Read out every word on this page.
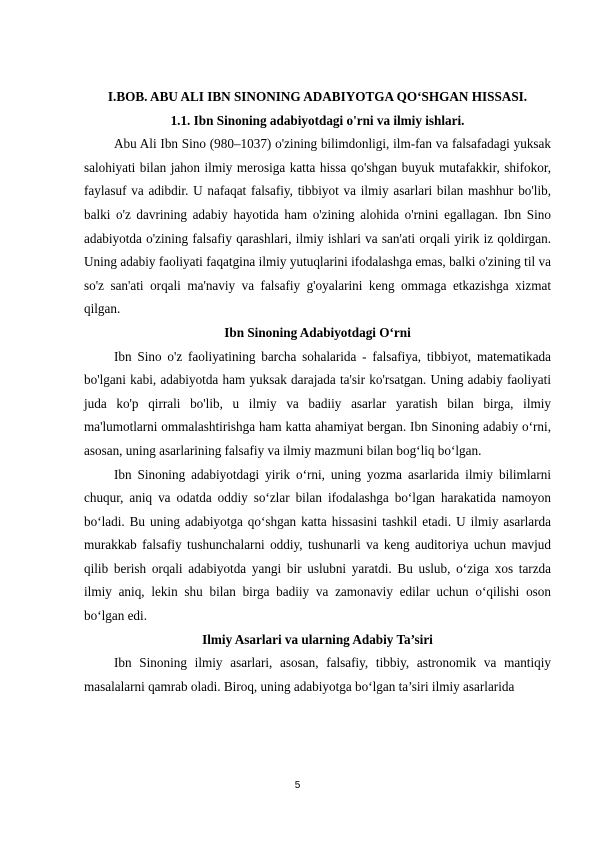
I.BOB. ABU ALI IBN SINONING ADABIYOTGA QO‘SHGAN HISSASI.
1.1. Ibn Sinoning adabiyotdagi o'rni va ilmiy ishlari.

Abu Ali Ibn Sino (980–1037) o'zining bilimdonligi, ilm-fan va falsafadagi yuksak salohiyati bilan jahon ilmiy merosiga katta hissa qo'shgan buyuk mutafakkir, shifokor, faylasuf va adibdir. U nafaqat falsafiy, tibbiyot va ilmiy asarlari bilan mashhur bo'lib, balki o'z davrining adabiy hayotida ham o'zining alohida o'rnini egallagan. Ibn Sino adabiyotda o'zining falsafiy qarashlari, ilmiy ishlari va san'ati orqali yirik iz qoldirgan. Uning adabiy faoliyati faqatgina ilmiy yutuqlarini ifodalashga emas, balki o'zining til va so'z san'ati orqali ma'naviy va falsafiy g'oyalarini keng ommaga etkazishga xizmat qilgan.

Ibn Sinoning Adabiyotdagi O‘rni

Ibn Sino o'z faoliyatining barcha sohalarida - falsafiya, tibbiyot, matematikada bo'lgani kabi, adabiyotda ham yuksak darajada ta'sir ko'rsatgan. Uning adabiy faoliyati juda ko'p qirrali bo'lib, u ilmiy va badiiy asarlar yaratish bilan birga, ilmiy ma'lumotlarni ommalashtirishga ham katta ahamiyat bergan. Ibn Sinoning adabiy o‘rni, asosan, uning asarlarining falsafiy va ilmiy mazmuni bilan bog‘liq bo‘lgan.

Ibn Sinoning adabiyotdagi yirik o‘rni, uning yozma asarlarida ilmiy bilimlarni chuqur, aniq va odatda oddiy so‘zlar bilan ifodalashga bo‘lgan harakatida namoyon bo‘ladi. Bu uning adabiyotga qo‘shgan katta hissasini tashkil etadi. U ilmiy asarlarda murakkab falsafiy tushunchalarni oddiy, tushunarli va keng auditoriya uchun mavjud qilib berish orqali adabiyotda yangi bir uslubni yaratdi. Bu uslub, o‘ziga xos tarzda ilmiy aniq, lekin shu bilan birga badiiy va zamonaviy edilar uchun o‘qilishi oson bo‘lgan edi.

Ilmiy Asarlari va ularning Adabiy Ta’siri

Ibn Sinoning ilmiy asarlari, asosan, falsafiy, tibbiy, astronomik va mantiqiy masalalarni qamrab oladi. Biroq, uning adabiyotga bo‘lgan ta’siri ilmiy asarlarida

5
